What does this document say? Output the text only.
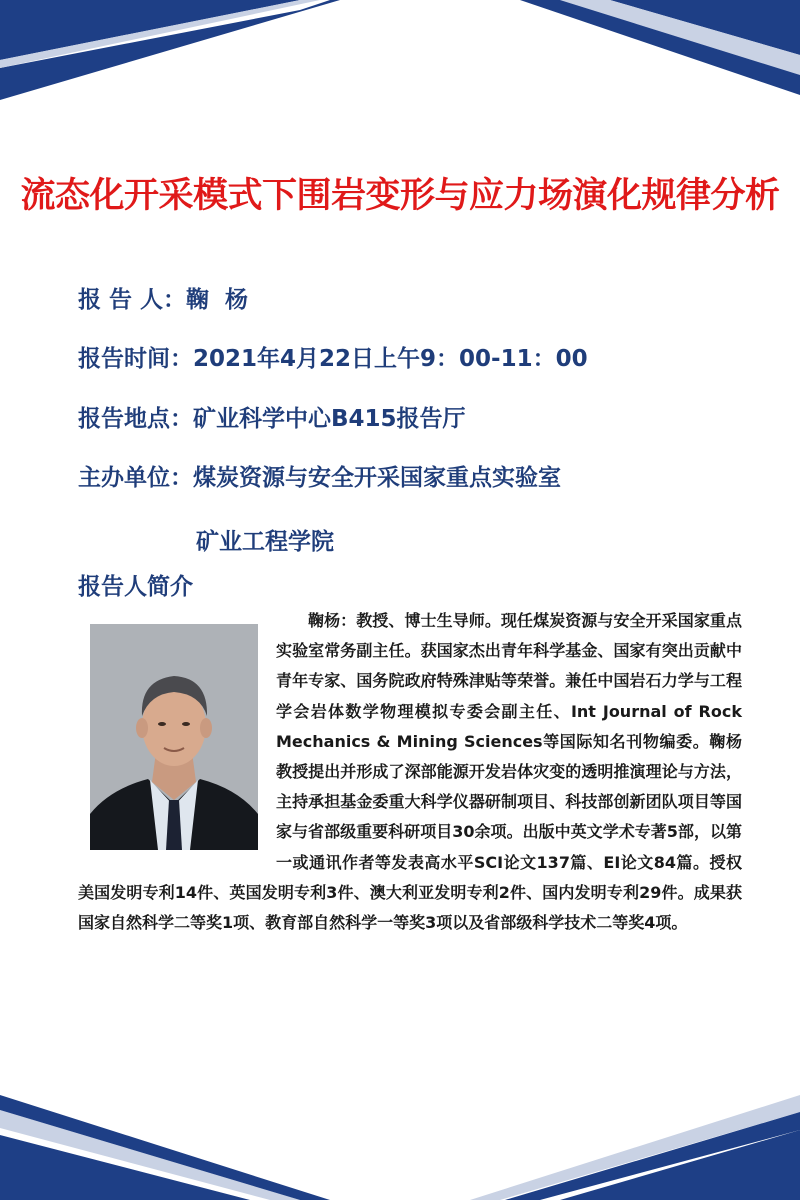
流态化开采模式下围岩变形与应力场演化规律分析
报 告 人：鞠  杨
报告时间：2021年4月22日上午9：00-11：00
报告地点：矿业科学中心B415报告厅
主办单位：煤炭资源与安全开采国家重点实验室
矿业工程学院
报告人简介

鞠杨：教授、博士生导师。现任煤炭资源与安全开采国家重点实验室常务副主任。获国家杰出青年科学基金、国家有突出贡献中青年专家、国务院政府特殊津贴等荣誉。兼任中国岩石力学与工程学会岩体数学物理模拟专委会副主任、Int Journal of Rock Mechanics & Mining Sciences等国际知名刊物编委。鞠杨教授提出并形成了深部能源开发岩体灾变的透明推演理论与方法，主持承担基金委重大科学仪器研制项目、科技部创新团队项目等国家与省部级重要科研项目30余项。出版中英文学术专著5部，以第一或通讯作者等发表高水平SCI论文137篇、EI论文84篇。授权美国发明专利14件、英国发明专利3件、澳大利亚发明专利2件、国内发明专利29件。成果获国家自然科学二等奖1项、教育部自然科学一等奖3项以及省部级科学技术二等奖4项。
